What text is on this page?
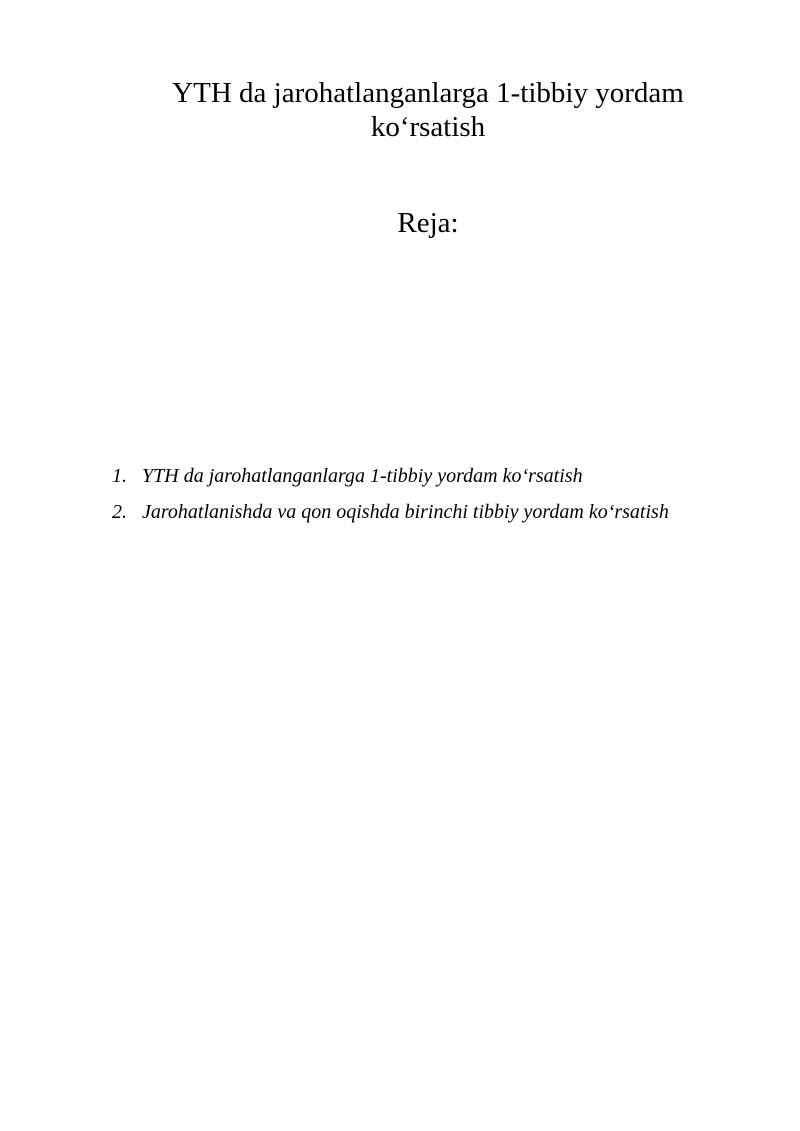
YTH da jarohatlanganlarga 1-tibbiy yordam ko‘rsatish
Reja:
1. YTH da jarohatlanganlarga 1-tibbiy yordam ko‘rsatish
2. Jarohatlanishda va qon oqishda birinchi tibbiy yordam ko‘rsatish
